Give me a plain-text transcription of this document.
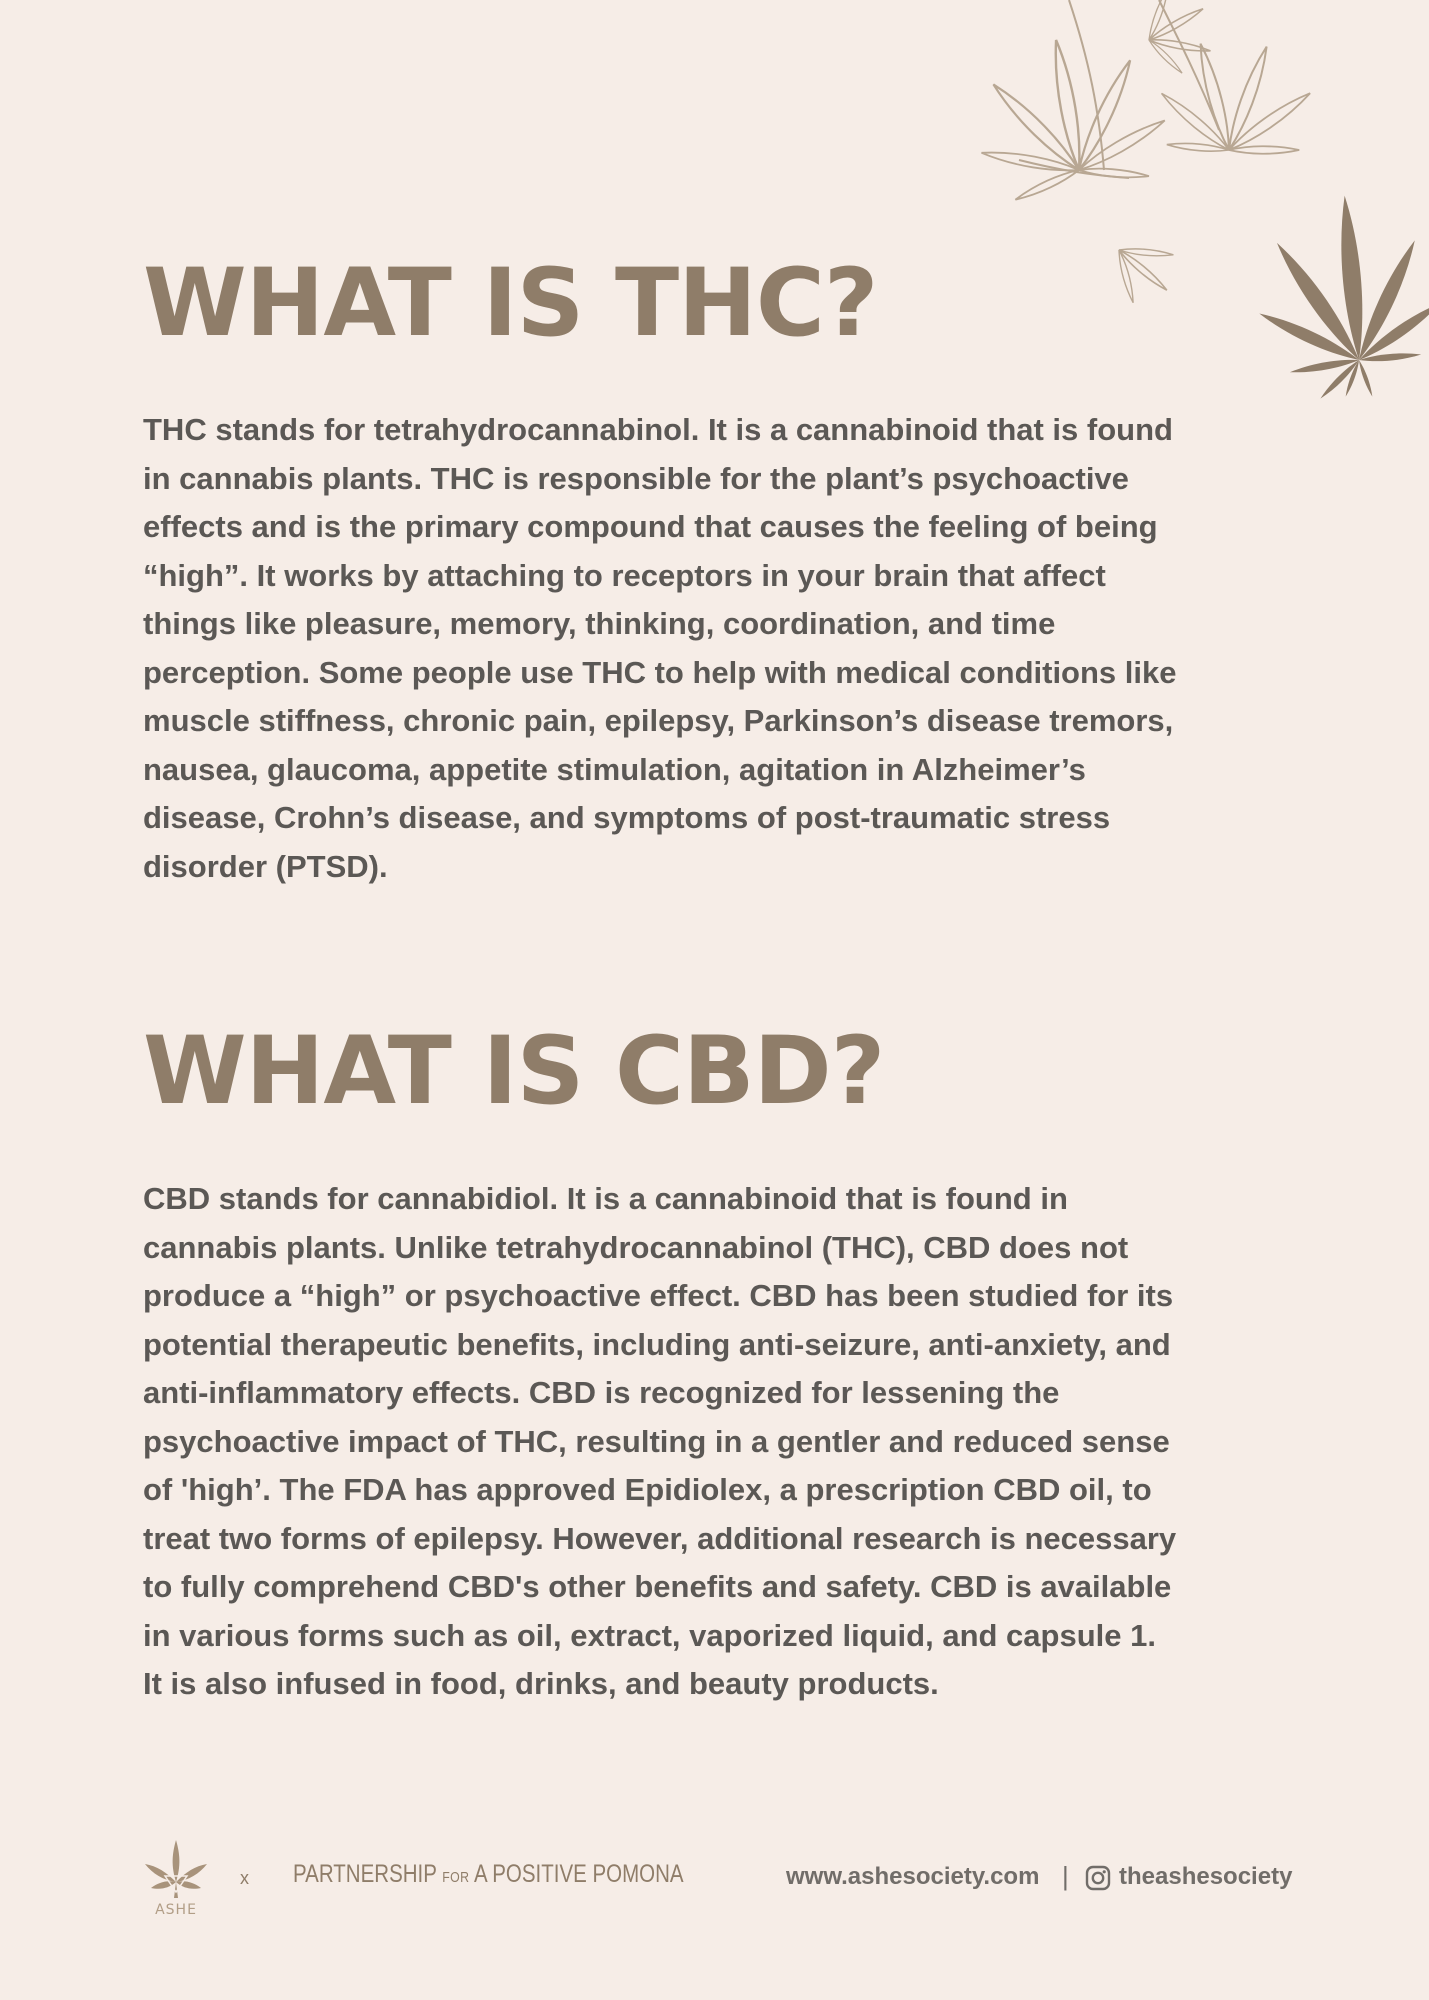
WHAT IS THC?

THC stands for tetrahydrocannabinol. It is a cannabinoid that is found in cannabis plants. THC is responsible for the plant’s psychoactive effects and is the primary compound that causes the feeling of being “high”. It works by attaching to receptors in your brain that affect things like pleasure, memory, thinking, coordination, and time perception. Some people use THC to help with medical conditions like muscle stiffness, chronic pain, epilepsy, Parkinson’s disease tremors, nausea, glaucoma, appetite stimulation, agitation in Alzheimer’s disease, Crohn’s disease, and symptoms of post-traumatic stress disorder (PTSD).

WHAT IS CBD?

CBD stands for cannabidiol. It is a cannabinoid that is found in cannabis plants. Unlike tetrahydrocannabinol (THC), CBD does not produce a “high” or psychoactive effect. CBD has been studied for its potential therapeutic benefits, including anti-seizure, anti-anxiety, and anti-inflammatory effects. CBD is recognized for lessening the psychoactive impact of THC, resulting in a gentler and reduced sense of 'high’. The FDA has approved Epidiolex, a prescription CBD oil, to treat two forms of epilepsy. However, additional research is necessary to fully comprehend CBD's other benefits and safety. CBD is available in various forms such as oil, extract, vaporized liquid, and capsule 1. It is also infused in food, drinks, and beauty products.

ASHE
x PARTNERSHIP FOR A POSITIVE POMONA	www.ashesociety.com | theashesociety
